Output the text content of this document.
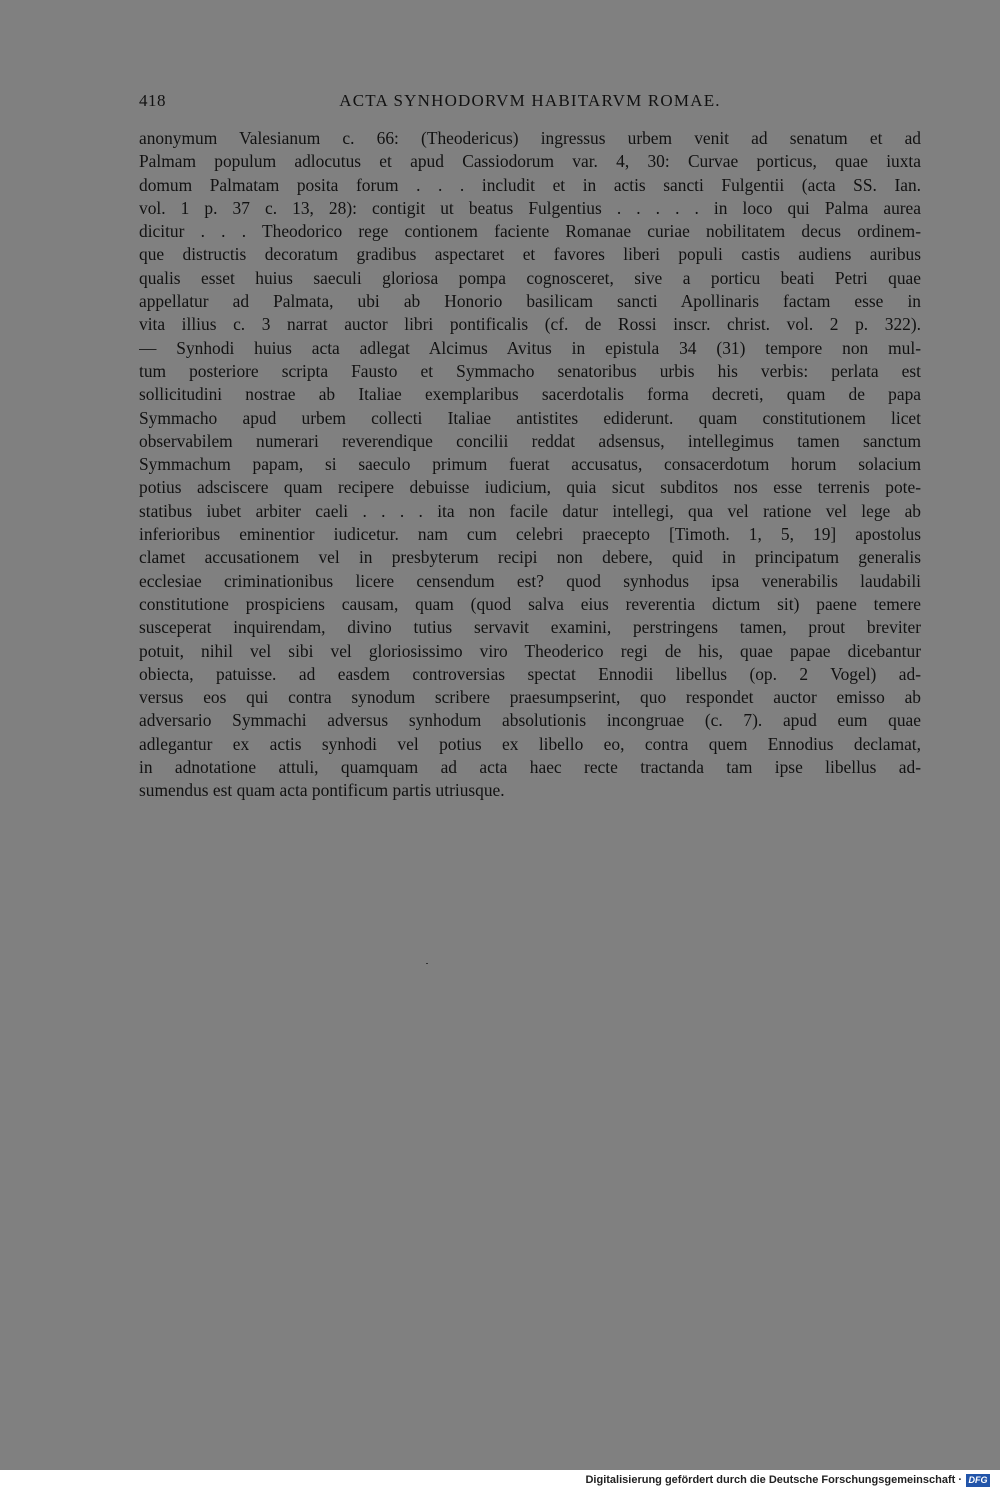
418	ACTA SYNHODORVM HABITARVM ROMAE.
anonymum Valesianum c. 66: (Theodericus) ingressus urbem venit ad senatum et ad
Palmam populum adlocutus et apud Cassiodorum var. 4, 30: Curvae porticus, quae iuxta
domum Palmatam posita forum . . . includit et in actis sancti Fulgentii (acta SS. Ian.
vol. 1 p. 37 c. 13, 28): contigit ut beatus Fulgentius . . . . . in loco qui Palma aurea
dicitur . . . Theodorico rege contionem faciente Romanae curiae nobilitatem decus ordinem-
que distructis decoratum gradibus aspectaret et favores liberi populi castis audiens auribus
qualis esset huius saeculi gloriosa pompa cognosceret, sive a porticu beati Petri quae
appellatur ad Palmata, ubi ab Honorio basilicam sancti Apollinaris factam esse in
vita illius c. 3 narrat auctor libri pontificalis (cf. de Rossi inscr. christ. vol. 2 p. 322).
— Synhodi huius acta adlegat Alcimus Avitus in epistula 34 (31) tempore non mul-
tum posteriore scripta Fausto et Symmacho senatoribus urbis his verbis: perlata est
sollicitudini nostrae ab Italiae exemplaribus sacerdotalis forma decreti, quam de papa
Symmacho apud urbem collecti Italiae antistites ediderunt. quam constitutionem licet
observabilem numerari reverendique concilii reddat adsensus, intellegimus tamen sanctum
Symmachum papam, si saeculo primum fuerat accusatus, consacerdotum horum solacium
potius adsciscere quam recipere debuisse iudicium, quia sicut subditos nos esse terrenis pote-
statibus iubet arbiter caeli . . . . ita non facile datur intellegi, qua vel ratione vel lege ab
inferioribus eminentior iudicetur. nam cum celebri praecepto [Timoth. 1, 5, 19] apostolus
clamet accusationem vel in presbyterum recipi non debere, quid in principatum generalis
ecclesiae criminationibus licere censendum est? quod synhodus ipsa venerabilis laudabili
constitutione prospiciens causam, quam (quod salva eius reverentia dictum sit) paene temere
susceperat inquirendam, divino tutius servavit examini, perstringens tamen, prout breviter
potuit, nihil vel sibi vel gloriosissimo viro Theoderico regi de his, quae papae dicebantur
obiecta, patuisse. ad easdem controversias spectat Ennodii libellus (op. 2 Vogel) ad-
versus eos qui contra synodum scribere praesumpserint, quo respondet auctor emisso ab
adversario Symmachi adversus synhodum absolutionis incongruae (c. 7). apud eum quae
adlegantur ex actis synhodi vel potius ex libello eo, contra quem Ennodius declamat,
in adnotatione attuli, quamquam ad acta haec recte tractanda tam ipse libellus ad-
sumendus est quam acta pontificum partis utriusque.
Digitalisierung gefördert durch die Deutsche Forschungsgemeinschaft · DFG
